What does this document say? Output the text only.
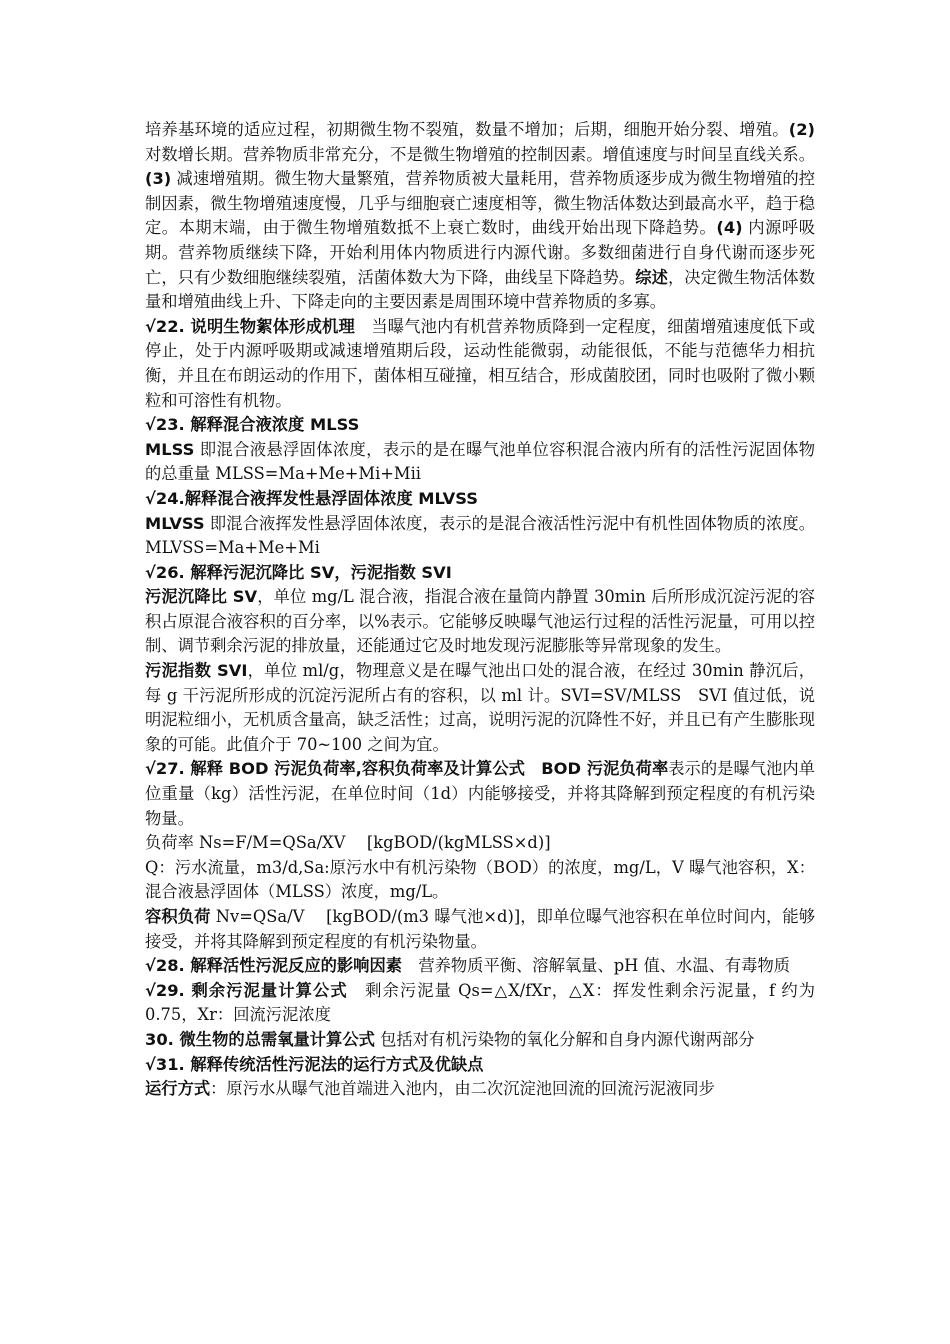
培养基环境的适应过程，初期微生物不裂殖，数量不增加；后期，细胞开始分裂、增殖。(2) 对数增长期。营养物质非常充分，不是微生物增殖的控制因素。增值速度与时间呈直线关系。(3) 减速增殖期。微生物大量繁殖，营养物质被大量耗用，营养物质逐步成为微生物增殖的控制因素，微生物增殖速度慢，几乎与细胞衰亡速度相等，微生物活体数达到最高水平，趋于稳定。本期末端，由于微生物增殖数抵不上衰亡数时，曲线开始出现下降趋势。(4) 内源呼吸期。营养物质继续下降，开始利用体内物质进行内源代谢。多数细菌进行自身代谢而逐步死亡，只有少数细胞继续裂殖，活菌体数大为下降，曲线呈下降趋势。综述，决定微生物活体数量和增殖曲线上升、下降走向的主要因素是周围环境中营养物质的多寡。

√22. 说明生物絮体形成机理　当曝气池内有机营养物质降到一定程度，细菌增殖速度低下或停止，处于内源呼吸期或减速增殖期后段，运动性能微弱，动能很低，不能与范德华力相抗衡，并且在布朗运动的作用下，菌体相互碰撞，相互结合，形成菌胶团，同时也吸附了微小颗粒和可溶性有机物。

√23. 解释混合液浓度 MLSS

MLSS 即混合液悬浮固体浓度，表示的是在曝气池单位容积混合液内所有的活性污泥固体物的总重量 MLSS=Ma+Me+Mi+Mii

√24.解释混合液挥发性悬浮固体浓度 MLVSS

MLVSS 即混合液挥发性悬浮固体浓度，表示的是混合液活性污泥中有机性固体物质的浓度。MLVSS=Ma+Me+Mi

√26. 解释污泥沉降比 SV，污泥指数 SVI

污泥沉降比 SV，单位 mg/L 混合液，指混合液在量筒内静置 30min 后所形成沉淀污泥的容积占原混合液容积的百分率，以%表示。它能够反映曝气池运行过程的活性污泥量，可用以控制、调节剩余污泥的排放量，还能通过它及时地发现污泥膨胀等异常现象的发生。

污泥指数 SVI，单位 ml/g，物理意义是在曝气池出口处的混合液，在经过 30min 静沉后，每 g 干污泥所形成的沉淀污泥所占有的容积，以 ml 计。SVI=SV/MLSS　SVI 值过低，说明泥粒细小，无机质含量高，缺乏活性；过高，说明污泥的沉降性不好，并且已有产生膨胀现象的可能。此值介于 70~100 之间为宜。

√27. 解释 BOD 污泥负荷率,容积负荷率及计算公式　BOD 污泥负荷率表示的是曝气池内单位重量（kg）活性污泥，在单位时间（1d）内能够接受，并将其降解到预定程度的有机污染物量。

负荷率 Ns=F/M=QSa/XV　 [kgBOD/(kgMLSS×d)]

Q：污水流量，m3/d,Sa:原污水中有机污染物（BOD）的浓度，mg/L，V 曝气池容积，X：混合液悬浮固体（MLSS）浓度，mg/L。

容积负荷 Nv=QSa/V　 [kgBOD/(m3 曝气池×d)]，即单位曝气池容积在单位时间内，能够接受，并将其降解到预定程度的有机污染物量。

√28. 解释活性污泥反应的影响因素　营养物质平衡、溶解氧量、pH 值、水温、有毒物质

√29. 剩余污泥量计算公式　剩余污泥量 Qs=△X/fXr，△X：挥发性剩余污泥量，f 约为 0.75，Xr：回流污泥浓度

30. 微生物的总需氧量计算公式 包括对有机污染物的氧化分解和自身内源代谢两部分

√31. 解释传统活性污泥法的运行方式及优缺点

运行方式：原污水从曝气池首端进入池内，由二次沉淀池回流的回流污泥液同步
